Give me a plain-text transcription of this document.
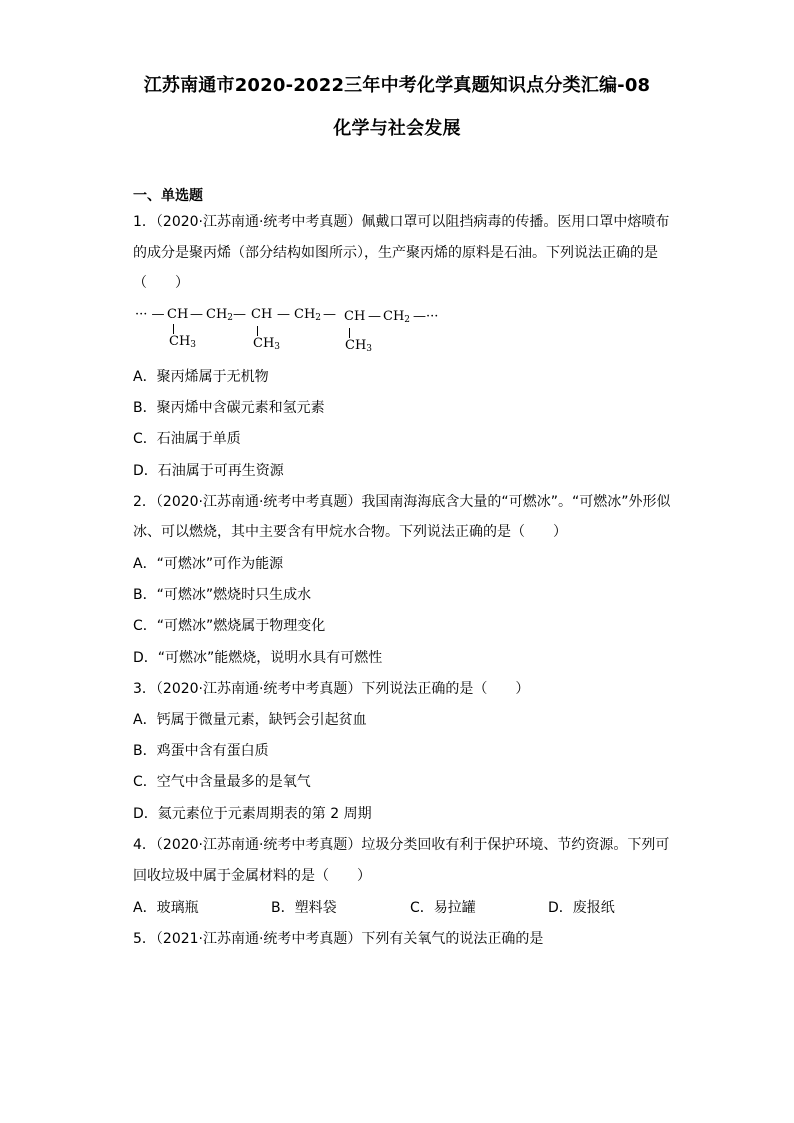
江苏南通市2020-2022三年中考化学真题知识点分类汇编-08
化学与社会发展
一、单选题
1．（2020·江苏南通·统考中考真题）佩戴口罩可以阻挡病毒的传播。医用口罩中熔喷布
的成分是聚丙烯（部分结构如图所示），生产聚丙烯的原料是石油。下列说法正确的是
（　　）
··· — CH — $CH_2$ — CH — $CH_2$ — CH — $CH_2$ —···
$CH_3$	$CH_3$	$CH_3$
A．聚丙烯属于无机物
B．聚丙烯中含碳元素和氢元素
C．石油属于单质
D．石油属于可再生资源
2．（2020·江苏南通·统考中考真题）我国南海海底含大量的“可燃冰”。“可燃冰”外形似
冰、可以燃烧，其中主要含有甲烷水合物。下列说法正确的是（　　）
A．“可燃冰”可作为能源
B．“可燃冰”燃烧时只生成水
C．“可燃冰”燃烧属于物理变化
D．“可燃冰”能燃烧，说明水具有可燃性
3．（2020·江苏南通·统考中考真题）下列说法正确的是（　　）
A．钙属于微量元素，缺钙会引起贫血
B．鸡蛋中含有蛋白质
C．空气中含量最多的是氧气
D．氦元素位于元素周期表的第 2 周期
4．（2020·江苏南通·统考中考真题）垃圾分类回收有利于保护环境、节约资源。下列可
回收垃圾中属于金属材料的是（　　）
A．玻璃瓶	B．塑料袋	C．易拉罐	D．废报纸
5．（2021·江苏南通·统考中考真题）下列有关氧气的说法正确的是
